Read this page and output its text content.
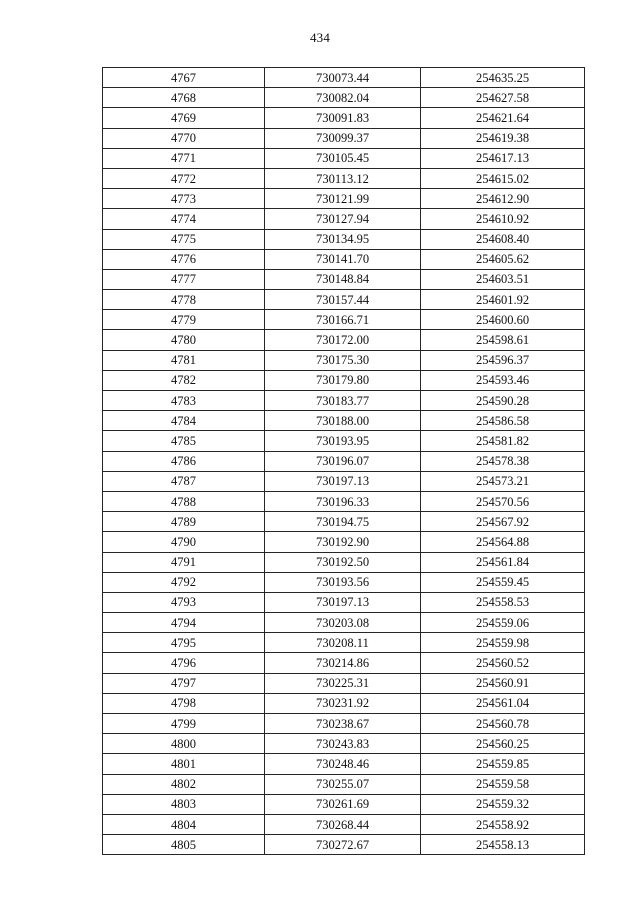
434
4767	730073.44	254635.25
4768	730082.04	254627.58
4769	730091.83	254621.64
4770	730099.37	254619.38
4771	730105.45	254617.13
4772	730113.12	254615.02
4773	730121.99	254612.90
4774	730127.94	254610.92
4775	730134.95	254608.40
4776	730141.70	254605.62
4777	730148.84	254603.51
4778	730157.44	254601.92
4779	730166.71	254600.60
4780	730172.00	254598.61
4781	730175.30	254596.37
4782	730179.80	254593.46
4783	730183.77	254590.28
4784	730188.00	254586.58
4785	730193.95	254581.82
4786	730196.07	254578.38
4787	730197.13	254573.21
4788	730196.33	254570.56
4789	730194.75	254567.92
4790	730192.90	254564.88
4791	730192.50	254561.84
4792	730193.56	254559.45
4793	730197.13	254558.53
4794	730203.08	254559.06
4795	730208.11	254559.98
4796	730214.86	254560.52
4797	730225.31	254560.91
4798	730231.92	254561.04
4799	730238.67	254560.78
4800	730243.83	254560.25
4801	730248.46	254559.85
4802	730255.07	254559.58
4803	730261.69	254559.32
4804	730268.44	254558.92
4805	730272.67	254558.13
